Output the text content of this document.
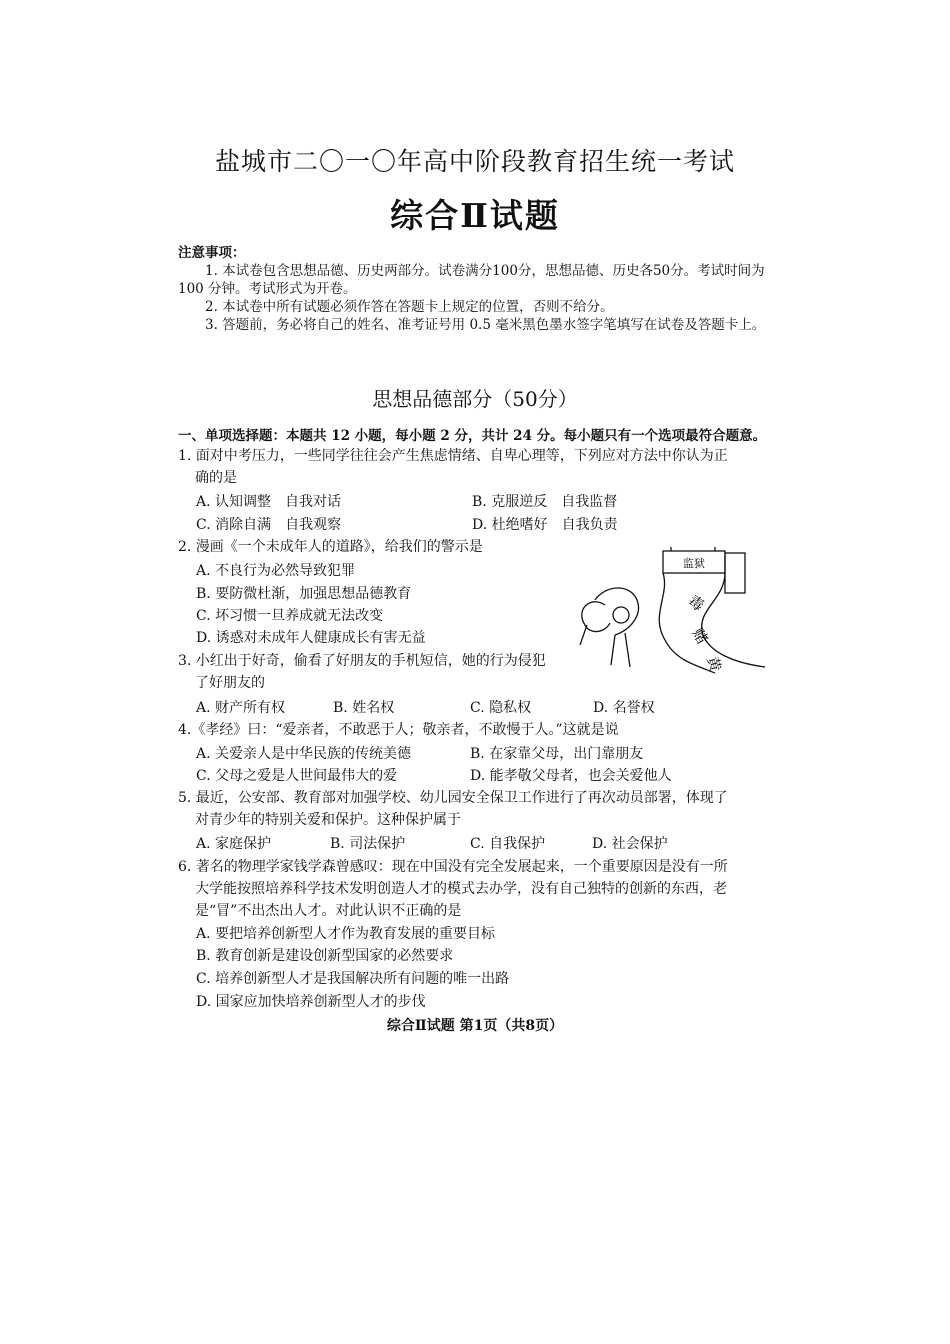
盐城市二〇一〇年高中阶段教育招生统一考试
综合Ⅱ试题
注意事项：

1. 本试卷包含思想品德、历史两部分。试卷满分100分，思想品德、历史各50分。考试时间为100 分钟。考试形式为开卷。

2. 本试卷中所有试题必须作答在答题卡上规定的位置，否则不给分。

3. 答题前，务必将自己的姓名、准考证号用 0.5 毫米黑色墨水签字笔填写在试卷及答题卡上。

思想品德部分（50分）
一、单项选择题：本题共 12 小题，每小题 2 分，共计 24 分。每小题只有一个选项最符合题意。
1. 面对中考压力，一些同学往往会产生焦虑情绪、自卑心理等，下列应对方法中你认为正
确的是
A. 认知调整　自我对话	B. 克服逆反　自我监督
C. 消除自满　自我观察	D. 杜绝嗜好　自我负责
2. 漫画《一个未成年人的道路》，给我们的警示是
A. 不良行为必然导致犯罪
B. 要防微杜渐，加强思想品德教育
C. 坏习惯一旦养成就无法改变
D. 诱惑对未成年人健康成长有害无益
监狱
毒
赌
黄
3. 小红出于好奇，偷看了好朋友的手机短信，她的行为侵犯
了好朋友的
A. 财产所有权	B. 姓名权	C. 隐私权	D. 名誉权
4.《孝经》曰：“爱亲者，不敢恶于人；敬亲者，不敢慢于人。”这就是说
A. 关爱亲人是中华民族的传统美德	B. 在家靠父母，出门靠朋友
C. 父母之爱是人世间最伟大的爱	D. 能孝敬父母者，也会关爱他人
5. 最近，公安部、教育部对加强学校、幼儿园安全保卫工作进行了再次动员部署，体现了
对青少年的特别关爱和保护。这种保护属于
A. 家庭保护	B. 司法保护	C. 自我保护	D. 社会保护
6. 著名的物理学家钱学森曾感叹：现在中国没有完全发展起来，一个重要原因是没有一所
大学能按照培养科学技术发明创造人才的模式去办学，没有自己独特的创新的东西，老
是“冒”不出杰出人才。对此认识不正确的是
A. 要把培养创新型人才作为教育发展的重要目标
B. 教育创新是建设创新型国家的必然要求
C. 培养创新型人才是我国解决所有问题的唯一出路
D. 国家应加快培养创新型人才的步伐
综合Ⅱ试题 第1页（共8页）
